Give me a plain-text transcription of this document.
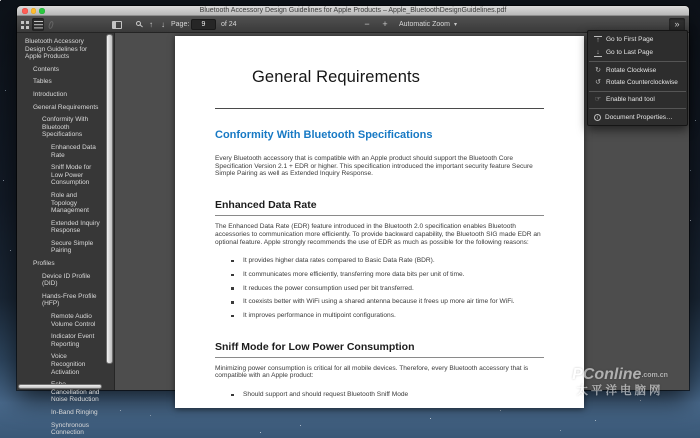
Bluetooth Accessory Design Guidelines for Apple Products – Apple_BluetoothDesignGuidelines.pdf
↑ ↓ Page:
9	of 24	− + Automatic Zoom ▾	»
Bluetooth Accessory Design Guidelines for Apple Products
Contents
Tables
Introduction
General Requirements
Conformity With Bluetooth Specifications
Enhanced Data Rate
Sniff Mode for Low Power Consumption
Role and Topology Management
Extended Inquiry Response
Secure Simple Pairing
Profiles
Device ID Profile (DID)
Hands-Free Profile (HFP)
Remote Audio Volume Control
Indicator Event Reporting
Voice Recognition Activation
Cancellation and Noise Reduction
In-Band Ringing
Synchronous Connection
General Requirements
Conformity With Bluetooth Specifications

Every Bluetooth accessory that is compatible with an Apple product should support the Bluetooth Core Specification Version 2.1 + EDR or higher. This specification introduced the important security feature Secure Simple Pairing as well as Extended Inquiry Response.

Enhanced Data Rate

The Enhanced Data Rate (EDR) feature introduced in the Bluetooth 2.0 specification enables Bluetooth accessories to communication more efficiently. To provide backward capability, the Bluetooth SIG made EDR an optional feature. Apple strongly recommends the use of EDR as much as possible for the following reasons:

It provides higher data rates compared to Basic Data Rate (BDR).
It communicates more efficiently, transferring more data bits per unit of time.
It reduces the power consumption used per bit transferred.
It coexists better with WiFi using a shared antenna because it frees up more air time for WiFi.
It improves performance in multipoint configurations.
Sniff Mode for Low Power Consumption

Minimizing power consumption is critical for all mobile devices. Therefore, every Bluetooth accessory that is compatible with an Apple product:

Should support and should request Bluetooth Sniff Mode
↑ Go to First Page
↓ Go to Last Page
↻ Rotate Clockwise
↺ Rotate Counterclockwise
☞ Enable hand tool
i	Document Properties…
PConline.com.cn
太平洋电脑网
